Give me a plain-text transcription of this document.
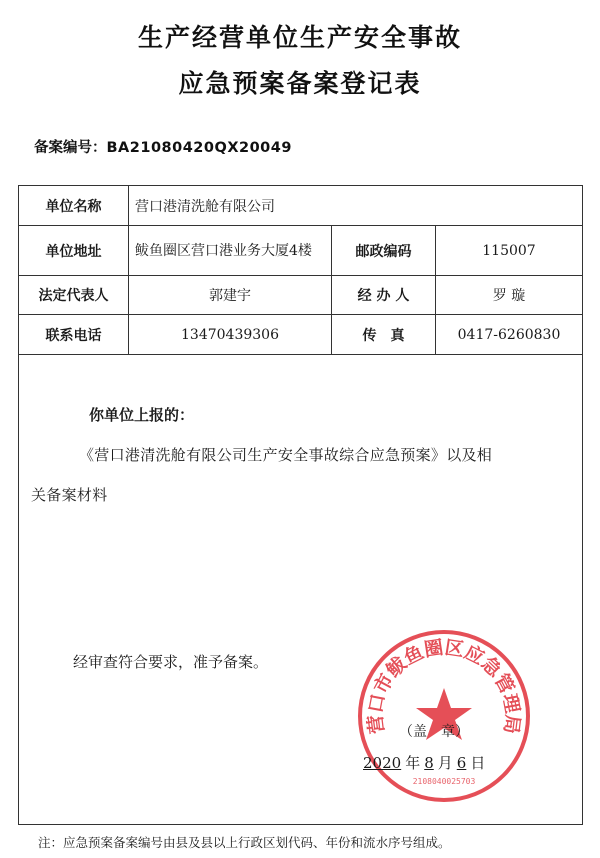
生产经营单位生产安全事故
应急预案备案登记表
备案编号：BA21080420QX20049
单位名称	营口港清洗舱有限公司
单位地址	鲅鱼圈区营口港业务大厦4楼	邮政编码	115007
法定代表人	郭建宇	经 办 人	罗 璇
联系电话	13470439306	传　真	0417-6260830
你单位上报的：
《营口港清洗舱有限公司生产安全事故综合应急预案》以及相
关备案材料
经审查符合要求，准予备案。
营口市鲅鱼圈区应急管理局
2108040025703
（盖　章）
2020 年 8 月 6 日
注：应急预案备案编号由县及县以上行政区划代码、年份和流水序号组成。
